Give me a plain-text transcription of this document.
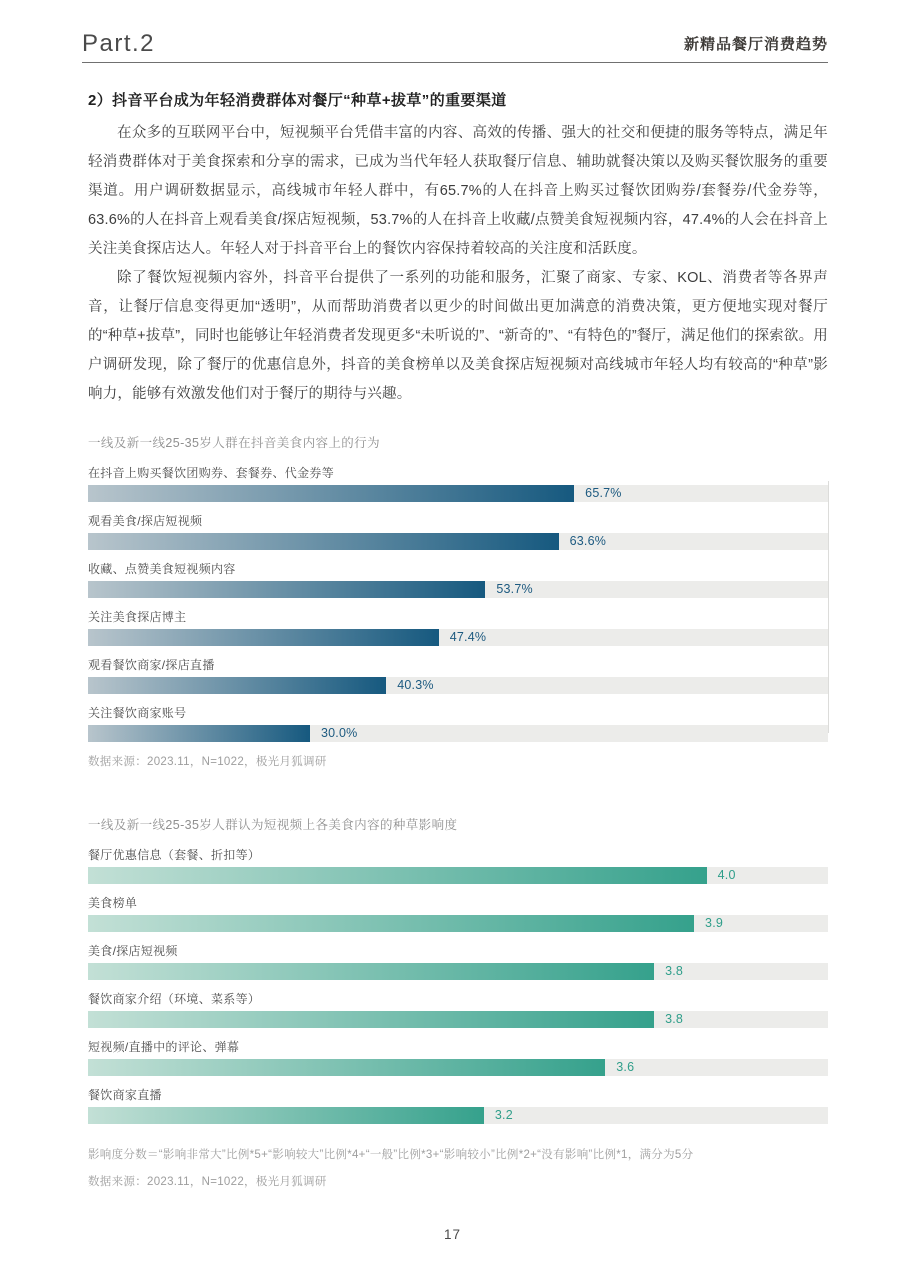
Part.2	新精品餐厅消费趋势
2）抖音平台成为年轻消费群体对餐厅“种草+拔草”的重要渠道

在众多的互联网平台中，短视频平台凭借丰富的内容、高效的传播、强大的社交和便捷的服务等特点，满足年轻消费群体对于美食探索和分享的需求，已成为当代年轻人获取餐厅信息、辅助就餐决策以及购买餐饮服务的重要渠道。用户调研数据显示，高线城市年轻人群中，有65.7%的人在抖音上购买过餐饮团购券/套餐券/代金券等，63.6%的人在抖音上观看美食/探店短视频，53.7%的人在抖音上收藏/点赞美食短视频内容，47.4%的人会在抖音上关注美食探店达人。年轻人对于抖音平台上的餐饮内容保持着较高的关注度和活跃度。

除了餐饮短视频内容外，抖音平台提供了一系列的功能和服务，汇聚了商家、专家、KOL、消费者等各界声音，让餐厅信息变得更加“透明”，从而帮助消费者以更少的时间做出更加满意的消费决策，更方便地实现对餐厅的“种草+拔草”，同时也能够让年轻消费者发现更多“未听说的”、“新奇的”、“有特色的”餐厅，满足他们的探索欲。用户调研发现，除了餐厅的优惠信息外，抖音的美食榜单以及美食探店短视频对高线城市年轻人均有较高的“种草”影响力，能够有效激发他们对于餐厅的期待与兴趣。

一线及新一线25-35岁人群在抖音美食内容上的行为
在抖音上购买餐饮团购券、套餐券、代金券等
65.7%
观看美食/探店短视频
63.6%
收藏、点赞美食短视频内容
53.7%
关注美食探店博主
47.4%
观看餐饮商家/探店直播
40.3%
关注餐饮商家账号
30.0%
数据来源：2023.11，N=1022，极光月狐调研
一线及新一线25-35岁人群认为短视频上各美食内容的种草影响度
餐厅优惠信息（套餐、折扣等）
4.0
美食榜单
3.9
美食/探店短视频
3.8
餐饮商家介绍（环境、菜系等）
3.8
短视频/直播中的评论、弹幕
3.6
餐饮商家直播
3.2
影响度分数＝“影响非常大”比例*5+“影响较大”比例*4+“一般”比例*3+“影响较小”比例*2+“没有影响”比例*1，满分为5分
数据来源：2023.11，N=1022，极光月狐调研
17
